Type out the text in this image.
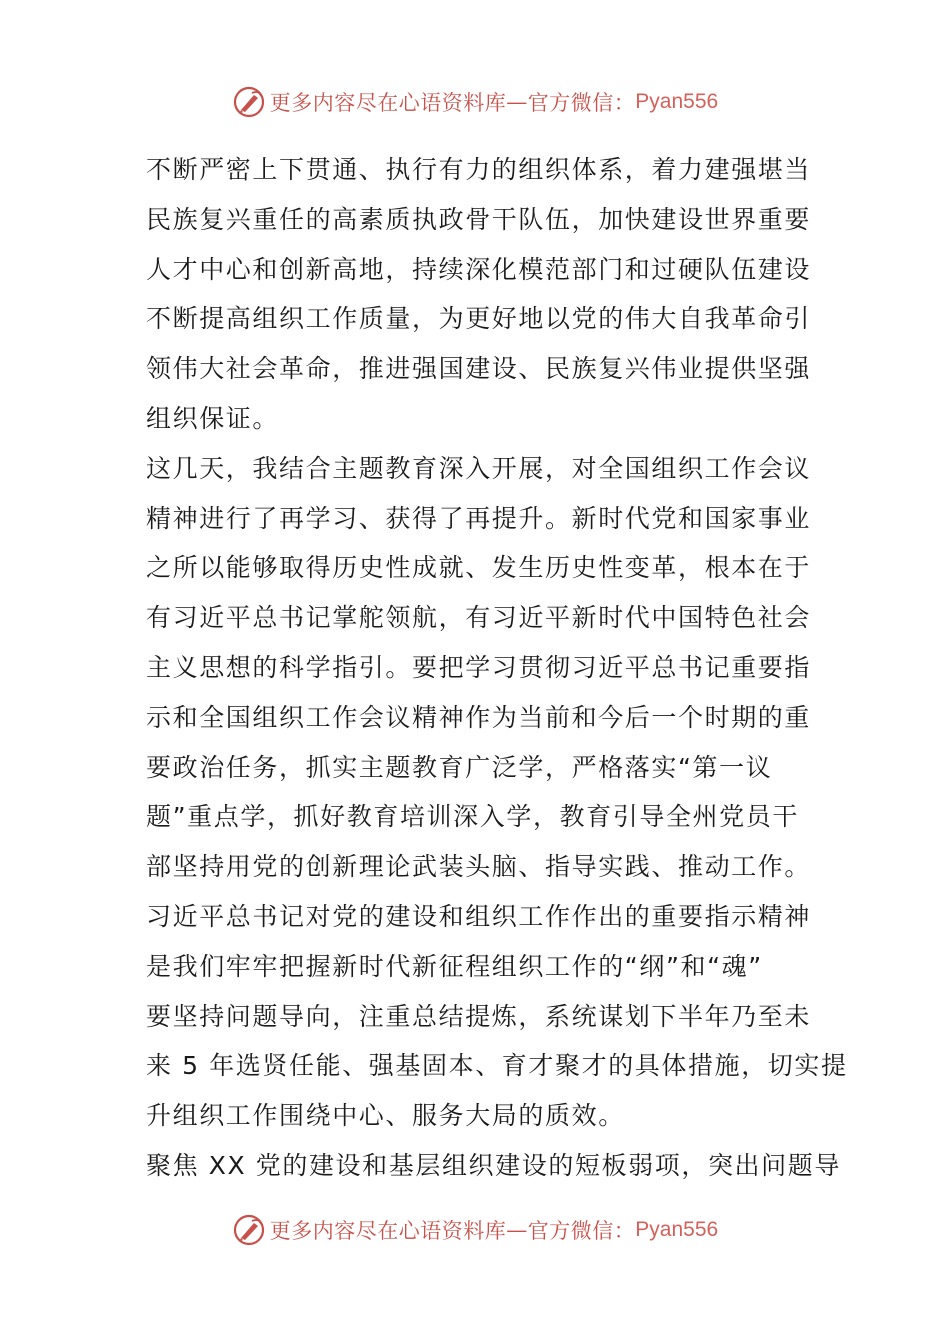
更多内容尽在心语资料库 — 官方微信： Pyan556
不断严密上下贯通、执行有力的组织体系，着力建强堪当
民族复兴重任的高素质执政骨干队伍，加快建设世界重要
人才中心和创新高地，持续深化模范部门和过硬队伍建设
不断提高组织工作质量，为更好地以党的伟大自我革命引
领伟大社会革命，推进强国建设、民族复兴伟业提供坚强
组织保证。
这几天，我结合主题教育深入开展，对全国组织工作会议
精神进行了再学习、获得了再提升。新时代党和国家事业
之所以能够取得历史性成就、发生历史性变革，根本在于
有习近平总书记掌舵领航，有习近平新时代中国特色社会
主义思想的科学指引。要把学习贯彻习近平总书记重要指
示和全国组织工作会议精神作为当前和今后一个时期的重
要政治任务，抓实主题教育广泛学，严格落实“第一议
题”重点学，抓好教育培训深入学，教育引导全州党员干
部坚持用党的创新理论武装头脑、指导实践、推动工作。
习近平总书记对党的建设和组织工作作出的重要指示精神
是我们牢牢把握新时代新征程组织工作的“纲”和“魂”
要坚持问题导向，注重总结提炼，系统谋划下半年乃至未
来 5 年选贤任能、强基固本、育才聚才的具体措施，切实提
升组织工作围绕中心、服务大局的质效。
聚焦 XX 党的建设和基层组织建设的短板弱项，突出问题导
更多内容尽在心语资料库 — 官方微信： Pyan556
